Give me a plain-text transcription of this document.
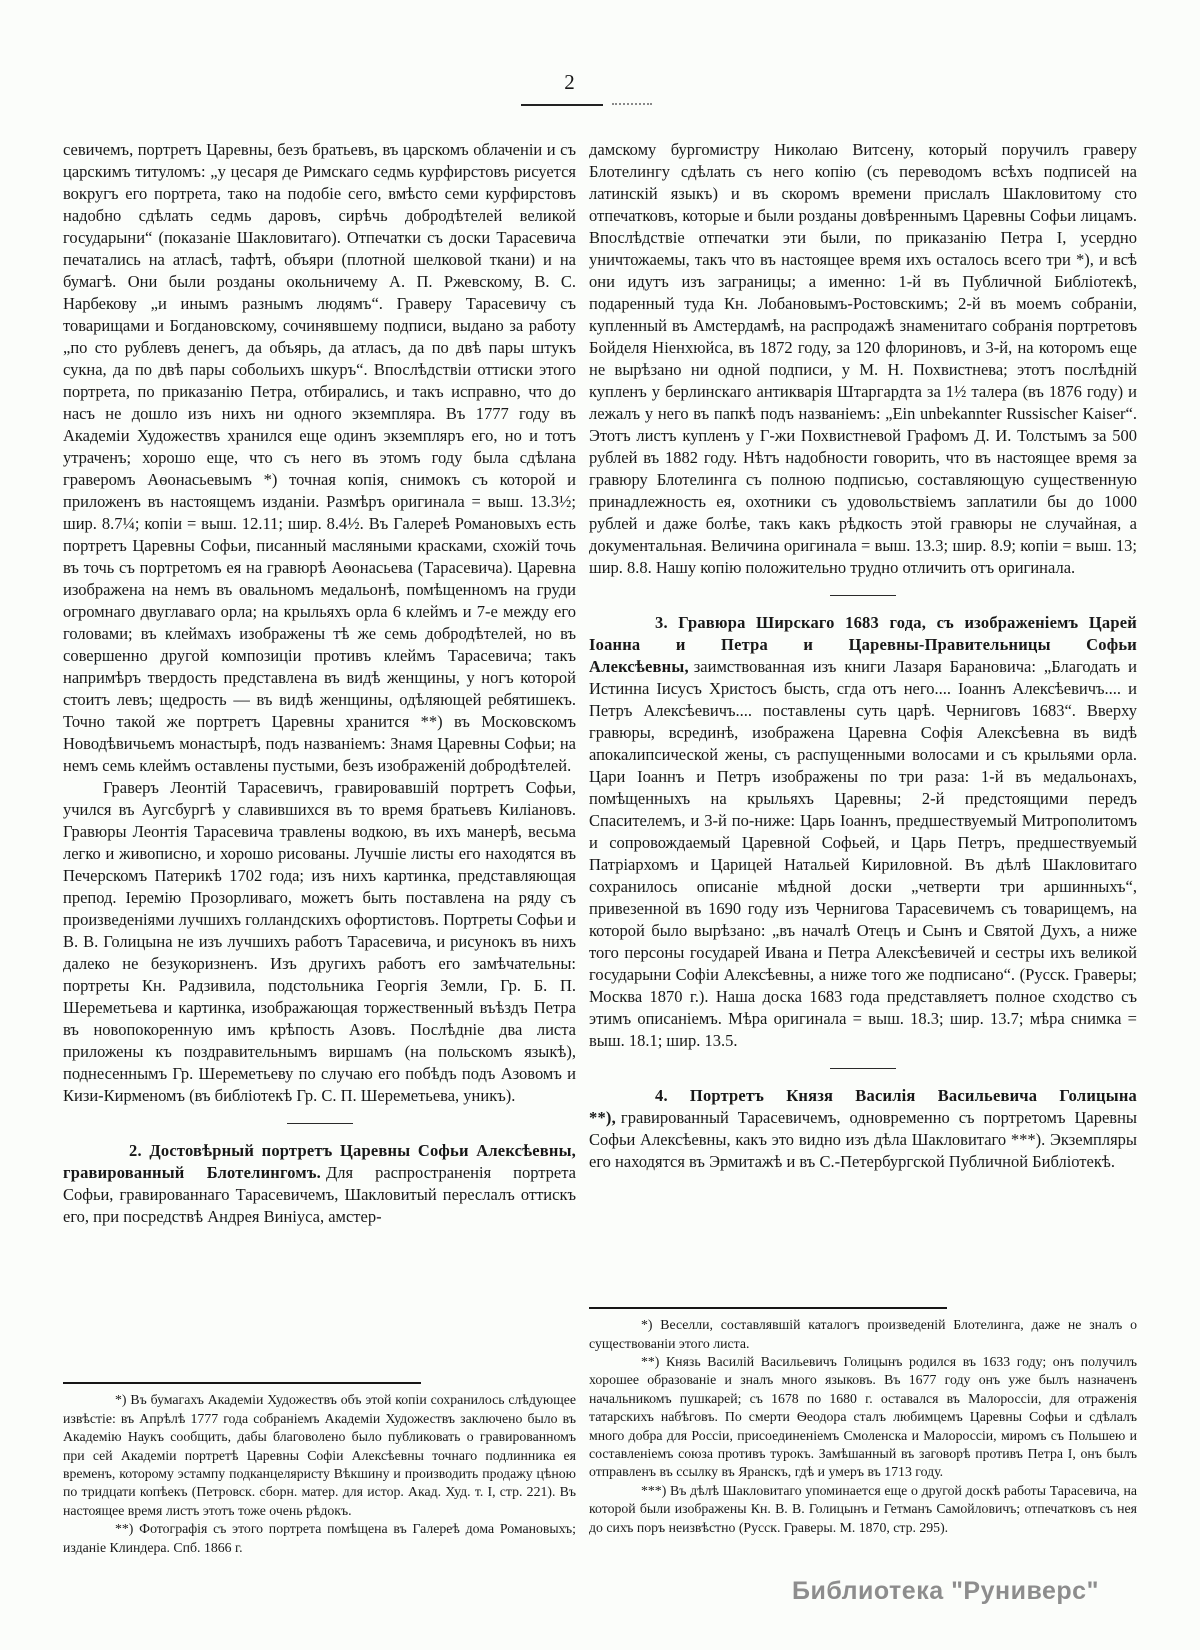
2

севичемъ, портретъ Царевны, безъ братьевъ, въ царскомъ облаченіи и съ царскимъ титуломъ: „у цесаря де Римскаго седмь курфирстовъ рисуется вокругъ его портрета, тако на подобіе сего, вмѣсто семи курфирстовъ надобно сдѣлать седмь даровъ, сирѣчь добродѣтелей великой государыни“ (показаніе Шакловитаго). Отпечатки съ доски Тарасевича печатались на атласѣ, тафтѣ, объяри (плотной шелковой ткани) и на бумагѣ. Они были розданы окольничему А. П. Ржевскому, В. С. Нарбекову „и инымъ разнымъ людямъ“. Граверу Тарасевичу съ товарищами и Богдановскому, сочинявшему подписи, выдано за работу „по сто рублевъ денегъ, да объярь, да атласъ, да по двѣ пары штукъ сукна, да по двѣ пары собольихъ шкуръ“. Впослѣдствіи оттиски этого портрета, по приказанію Петра, отбирались, и такъ исправно, что до насъ не дошло изъ нихъ ни одного экземпляра. Въ 1777 году въ Академіи Художествъ хранился еще одинъ экземпляръ его, но и тотъ утраченъ; хорошо еще, что съ него въ этомъ году была сдѣлана граверомъ Аѳонасьевымъ *) точная копія, снимокъ съ которой и приложенъ въ настоящемъ изданіи. Размѣръ оригинала = выш. 13.3½; шир. 8.7¼; копіи = выш. 12.11; шир. 8.4½. Въ Галереѣ Романовыхъ есть портретъ Царевны Софьи, писанный масляными красками, схожій точь въ точь съ портретомъ ея на гравюрѣ Аѳонасьева (Тарасевича). Царевна изображена на немъ въ овальномъ медальонѣ, помѣщенномъ на груди огромнаго двуглаваго орла; на крыльяхъ орла 6 клеймъ и 7-е между его головами; въ клеймахъ изображены тѣ же семь добродѣтелей, но въ совершенно другой композиціи противъ клеймъ Тарасевича; такъ напримѣръ твердость представлена въ видѣ женщины, у ногъ которой стоитъ левъ; щедрость — въ видѣ женщины, одѣляющей ребятишекъ. Точно такой же портретъ Царевны хранится **) въ Московскомъ Новодѣвичьемъ монастырѣ, подъ названіемъ: Знамя Царевны Софьи; на немъ семь клеймъ оставлены пустыми, безъ изображеній добродѣтелей.

Граверъ Леонтій Тарасевичъ, гравировавшій портретъ Софьи, учился въ Аугсбургѣ у славившихся въ то время братьевъ Киліановъ. Гравюры Леонтія Тарасевича травлены водкою, въ ихъ манерѣ, весьма легко и живописно, и хорошо рисованы. Лучшіе листы его находятся въ Печерскомъ Патерикѣ 1702 года; изъ нихъ картинка, представляющая препод. Іеремію Прозорливаго, можетъ быть поставлена на ряду съ произведеніями лучшихъ голландскихъ офортистовъ. Портреты Софьи и В. В. Голицына не изъ лучшихъ работъ Тарасевича, и рисунокъ въ нихъ далеко не безукоризненъ. Изъ другихъ работъ его замѣчательны: портреты Кн. Радзивила, подстольника Георгія Земли, Гр. Б. П. Шереметьева и картинка, изображающая торжественный въѣздъ Петра въ новопокоренную имъ крѣпость Азовъ. Послѣдніе два листа приложены къ поздравительнымъ виршамъ (на польскомъ языкѣ), поднесеннымъ Гр. Шереметьеву по случаю его побѣдъ подъ Азовомъ и Кизи-Кирменомъ (въ библіотекѣ Гр. С. П. Шереметьева, уникъ).

2. Достовѣрный портретъ Царевны Софьи Алексѣевны, гравированный Блотелингомъ. Для распространенія портрета Софьи, гравированнаго Тарасевичемъ, Шакловитый переслалъ оттискъ его, при посредствѣ Андрея Виніуса, амстер-

*) Въ бумагахъ Академіи Художествъ объ этой копіи сохранилось слѣдующее извѣстіе: въ Апрѣлѣ 1777 года собраніемъ Академіи Художествъ заключено было въ Академію Наукъ сообщить, дабы благоволено было публиковать о гравированномъ при сей Академіи портретѣ Царевны Софіи Алексѣевны точнаго подлинника ея временъ, которому эстампу подканцеляристу Вѣкшину и производить продажу цѣною по тридцати копѣекъ (Петровск. сборн. матер. для истор. Акад. Худ. т. I, стр. 221). Въ настоящее время листъ этотъ тоже очень рѣдокъ.

**) Фотографія съ этого портрета помѣщена въ Галереѣ дома Романовыхъ; изданіе Клиндера. Спб. 1866 г.

дамскому бургомистру Николаю Витсену, который поручилъ граверу Блотелингу сдѣлать съ него копію (съ переводомъ всѣхъ подписей на латинскій языкъ) и въ скоромъ времени прислалъ Шакловитому сто отпечатковъ, которые и были розданы довѣреннымъ Царевны Софьи лицамъ. Впослѣдствіе отпечатки эти были, по приказанію Петра I, усердно уничтожаемы, такъ что въ настоящее время ихъ осталось всего три *), и всѣ они идутъ изъ заграницы; а именно: 1-й въ Публичной Библіотекѣ, подаренный туда Кн. Лобановымъ-Ростовскимъ; 2-й въ моемъ собраніи, купленный въ Амстердамѣ, на распродажѣ знаменитаго собранія портретовъ Бойделя Ніенхюйса, въ 1872 году, за 120 флориновъ, и 3-й, на которомъ еще не вырѣзано ни одной подписи, у М. Н. Похвистнева; этотъ послѣдній купленъ у берлинскаго антикварія Штаргардта за 1½ талера (въ 1876 году) и лежалъ у него въ папкѣ подъ названіемъ: „Ein unbekannter Russischer Kaiser“. Этотъ листъ купленъ у Г-жи Похвистневой Графомъ Д. И. Толстымъ за 500 рублей въ 1882 году. Нѣтъ надобности говорить, что въ настоящее время за гравюру Блотелинга съ полною подписью, составляющую существенную принадлежность ея, охотники съ удовольствіемъ заплатили бы до 1000 рублей и даже болѣе, такъ какъ рѣдкость этой гравюры не случайная, а документальная. Величина оригинала = выш. 13.3; шир. 8.9; копіи = выш. 13; шир. 8.8. Нашу копію положительно трудно отличить отъ оригинала.

3. Гравюра Ширскаго 1683 года, съ изображеніемъ Царей Іоанна и Петра и Царевны-Правительницы Софьи Алексѣевны, заимствованная изъ книги Лазаря Барановича: „Благодать и Истинна Іисусъ Христосъ бысть, сгда отъ него.... Іоаннъ Алексѣевичъ.... и Петръ Алексѣевичъ.... поставлены суть царѣ. Черниговъ 1683“. Вверху гравюры, всрединѣ, изображена Царевна Софія Алексѣевна въ видѣ апокалипсической жены, съ распущенными волосами и съ крыльями орла. Цари Іоаннъ и Петръ изображены по три раза: 1-й въ медальонахъ, помѣщенныхъ на крыльяхъ Царевны; 2-й предстоящими передъ Спасителемъ, и 3-й по-ниже: Царь Іоаннъ, предшествуемый Митрополитомъ и сопровождаемый Царевной Софьей, и Царь Петръ, предшествуемый Патріархомъ и Царицей Натальей Кириловной. Въ дѣлѣ Шакловитаго сохранилось описаніе мѣдной доски „четверти три аршинныхъ“, привезенной въ 1690 году изъ Чернигова Тарасевичемъ съ товарищемъ, на которой было вырѣзано: „въ началѣ Отецъ и Сынъ и Святой Духъ, а ниже того персоны государей Ивана и Петра Алексѣевичей и сестры ихъ великой государыни Софіи Алексѣевны, а ниже того же подписано“. (Русск. Граверы; Москва 1870 г.). Наша доска 1683 года представляетъ полное сходство съ этимъ описаніемъ. Мѣра оригинала = выш. 18.3; шир. 13.7; мѣра снимка = выш. 18.1; шир. 13.5.

4. Портретъ Князя Василія Васильевича Голицына **), гравированный Тарасевичемъ, одновременно съ портретомъ Царевны Софьи Алексѣевны, какъ это видно изъ дѣла Шакловитаго ***). Экземпляры его находятся въ Эрмитажѣ и въ С.-Петербургской Публичной Библіотекѣ.

*) Веселли, составлявшій каталогъ произведеній Блотелинга, даже не зналъ о существованіи этого листа.

**) Князь Василій Васильевичъ Голицынъ родился въ 1633 году; онъ получилъ хорошее образованіе и зналъ много языковъ. Въ 1677 году онъ уже былъ назначенъ начальникомъ пушкарей; съ 1678 по 1680 г. оставался въ Малороссіи, для отраженія татарскихъ набѣговъ. По смерти Ѳеодора сталъ любимцемъ Царевны Софьи и сдѣлалъ много добра для Россіи, присоединеніемъ Смоленска и Малороссіи, миромъ съ Польшею и составленіемъ союза противъ турокъ. Замѣшанный въ заговорѣ противъ Петра I, онъ былъ отправленъ въ ссылку въ Яранскъ, гдѣ и умеръ въ 1713 году.

***) Въ дѣлѣ Шакловитаго упоминается еще о другой доскѣ работы Тарасевича, на которой были изображены Кн. В. В. Голицынъ и Гетманъ Самойловичъ; отпечатковъ съ нея до сихъ поръ неизвѣстно (Русск. Граверы. М. 1870, стр. 295).

Библиотека "Руниверс"
